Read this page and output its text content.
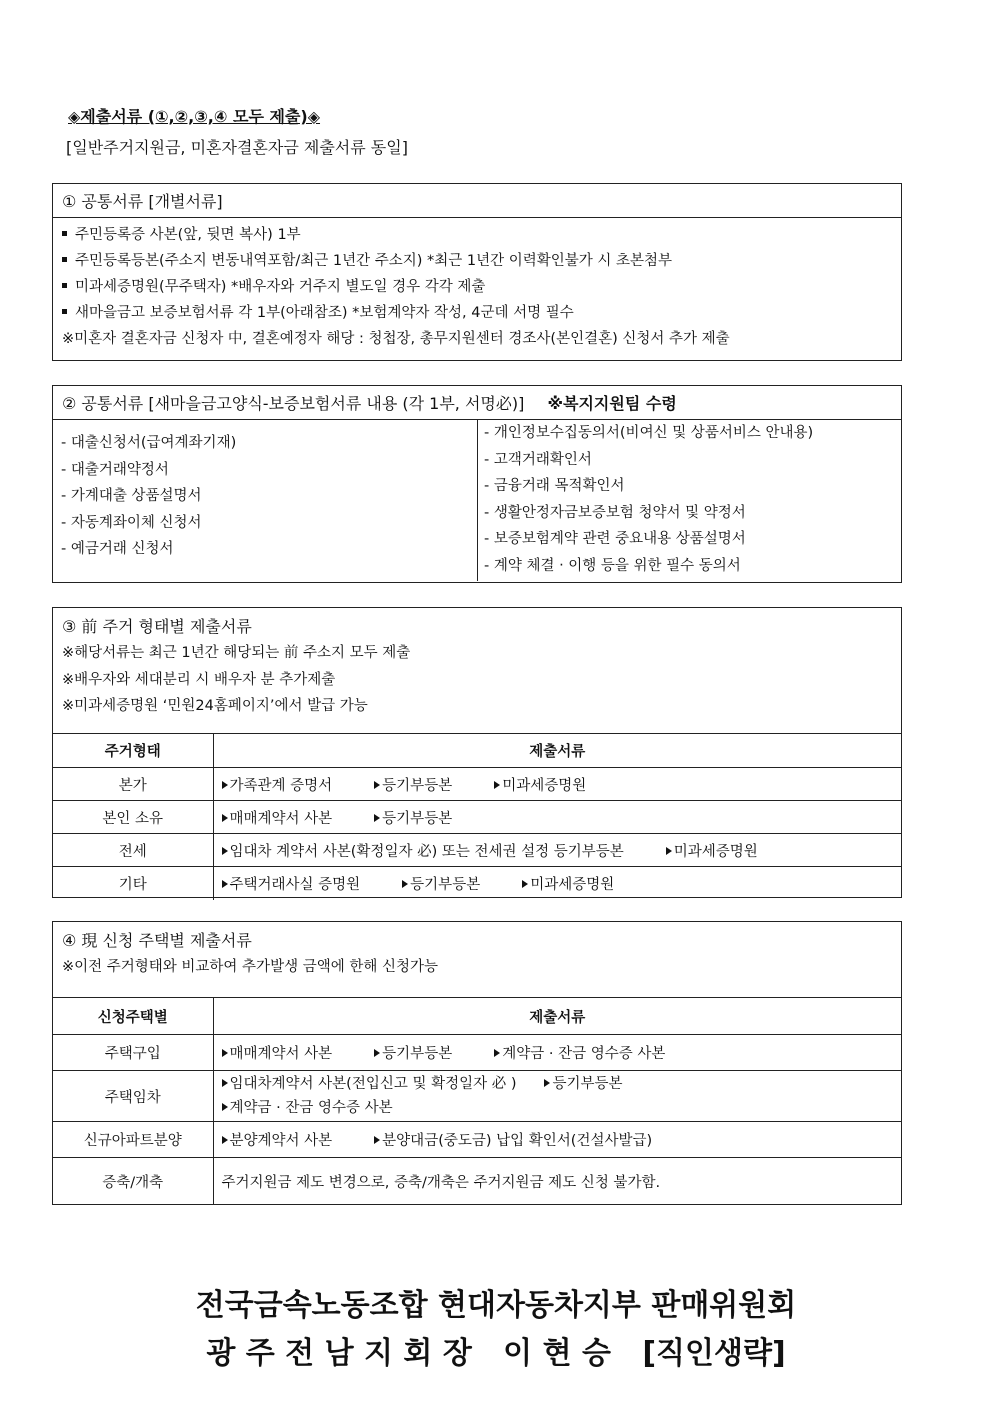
◈제출서류 (①,②,③,④ 모두 제출)◈
[일반주거지원금, 미혼자결혼자금 제출서류 동일]
① 공통서류 [개별서류]
주민등록증 사본(앞, 뒷면 복사) 1부
주민등록등본(주소지 변동내역포함/최근 1년간 주소지) *최근 1년간 이력확인불가 시 초본첨부
미과세증명원(무주택자) *배우자와 거주지 별도일 경우 각각 제출
새마을금고 보증보험서류 각 1부(아래참조) *보험계약자 작성, 4군데 서명 필수
※미혼자 결혼자금 신청자 中, 결혼예정자 해당 : 청첩장, 총무지원센터 경조사(본인결혼) 신청서 추가 제출
② 공통서류 [새마을금고양식-보증보험서류 내용 (각 1부, 서명必)] ※복지지원팀 수령
- 대출신청서(급여계좌기재)
- 대출거래약정서
- 가계대출 상품설명서
- 자동계좌이체 신청서
- 예금거래 신청서
- 개인정보수집동의서(비여신 및 상품서비스 안내용)
- 고객거래확인서
- 금융거래 목적확인서
- 생활안정자금보증보험 청약서 및 약정서
- 보증보험계약 관련 중요내용 상품설명서
- 계약 체결 ‧ 이행 등을 위한 필수 동의서
③ 前 주거 형태별 제출서류
※해당서류는 최근 1년간 해당되는 前 주소지 모두 제출
※배우자와 세대분리 시 배우자 분 추가제출
※미과세증명원 ‘민원24홈페이지’에서 발급 가능
주거형태	제출서류
본가	가족관계 증명서 등기부등본 미과세증명원
본인 소유	매매계약서 사본 등기부등본
전세	임대차 계약서 사본(확정일자 必) 또는 전세권 설정 등기부등본 미과세증명원
기타	주택거래사실 증명원 등기부등본 미과세증명원
④ 現 신청 주택별 제출서류
※이전 주거형태와 비교하여 추가발생 금액에 한해 신청가능
신청주택별	제출서류
주택구입	매매계약서 사본 등기부등본 계약금 · 잔금 영수증 사본
주택임차	임대차계약서 사본(전입신고 및 확정일자 必 ) 등기부등본
계약금 · 잔금 영수증 사본

신규아파트분양	분양계약서 사본 분양대금(중도금) 납입 확인서(건설사발급)
증축/개축	주거지원금 제도 변경으로, 증축/개축은 주거지원금 제도 신청 불가함.
전국금속노동조합 현대자동차지부 판매위원회
광 주 전 남 지 회 장   이 현 승   [직인생략]
